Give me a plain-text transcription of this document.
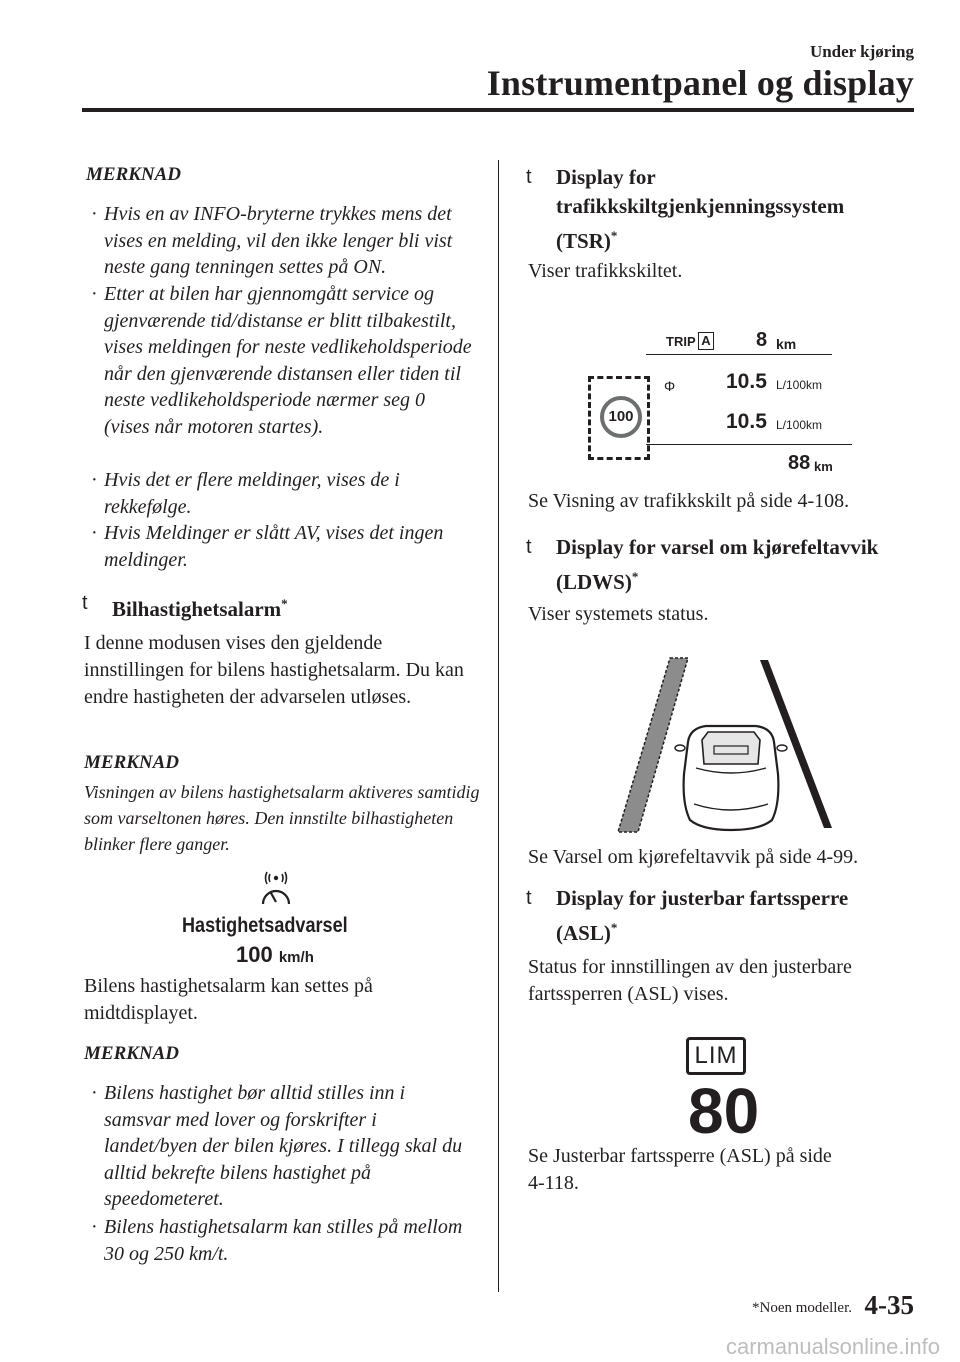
Under kjøring
Instrumentpanel og display
MERKNAD
· Hvis en av INFO-bryterne trykkes mens det vises en melding, vil den ikke lenger bli vist neste gang tenningen settes på ON.
· Etter at bilen har gjennomgått service og gjenværende tid/distanse er blitt tilbakestilt, vises meldingen for neste vedlikeholdsperiode når den gjenværende distansen eller tiden til neste vedlikeholdsperiode nærmer seg 0 (vises når motoren startes).
· Hvis det er flere meldinger, vises de i rekkefølge.
· Hvis Meldinger er slått AV, vises det ingen meldinger.
t Bilhastighetsalarm*
I denne modusen vises den gjeldende innstillingen for bilens hastighetsalarm. Du kan endre hastigheten der advarselen utløses.
MERKNAD
Visningen av bilens hastighetsalarm aktiveres samtidig som varseltonen høres. Den innstilte bilhastigheten blinker flere ganger.
Hastighetsadvarsel
100 km/h
Bilens hastighetsalarm kan settes på midtdisplayet.
MERKNAD
· Bilens hastighet bør alltid stilles inn i samsvar med lover og forskrifter i landet/byen der bilen kjøres. I tillegg skal du alltid bekrefte bilens hastighet på speedometeret.
· Bilens hastighetsalarm kan stilles på mellom 30 og 250 km/t.
t Display for
trafikkskiltgjenkjenningssystem
(TSR)*
Viser trafikkskiltet.
TRIP A 8 km
100
Φ 10.5 L/100km
10.5 L/100km
88 km
Se Visning av trafikkskilt på side 4-108.
t Display for varsel om kjørefeltavvik
(LDWS)*
Viser systemets status.
Se Varsel om kjørefeltavvik på side 4-99.
t Display for justerbar fartssperre
(ASL)*
Status for innstillingen av den justerbare fartssperren (ASL) vises.
LIM
80
Se Justerbar fartssperre (ASL) på side
4-118.
*Noen modeller. 4-35
carmanualsonline.info
